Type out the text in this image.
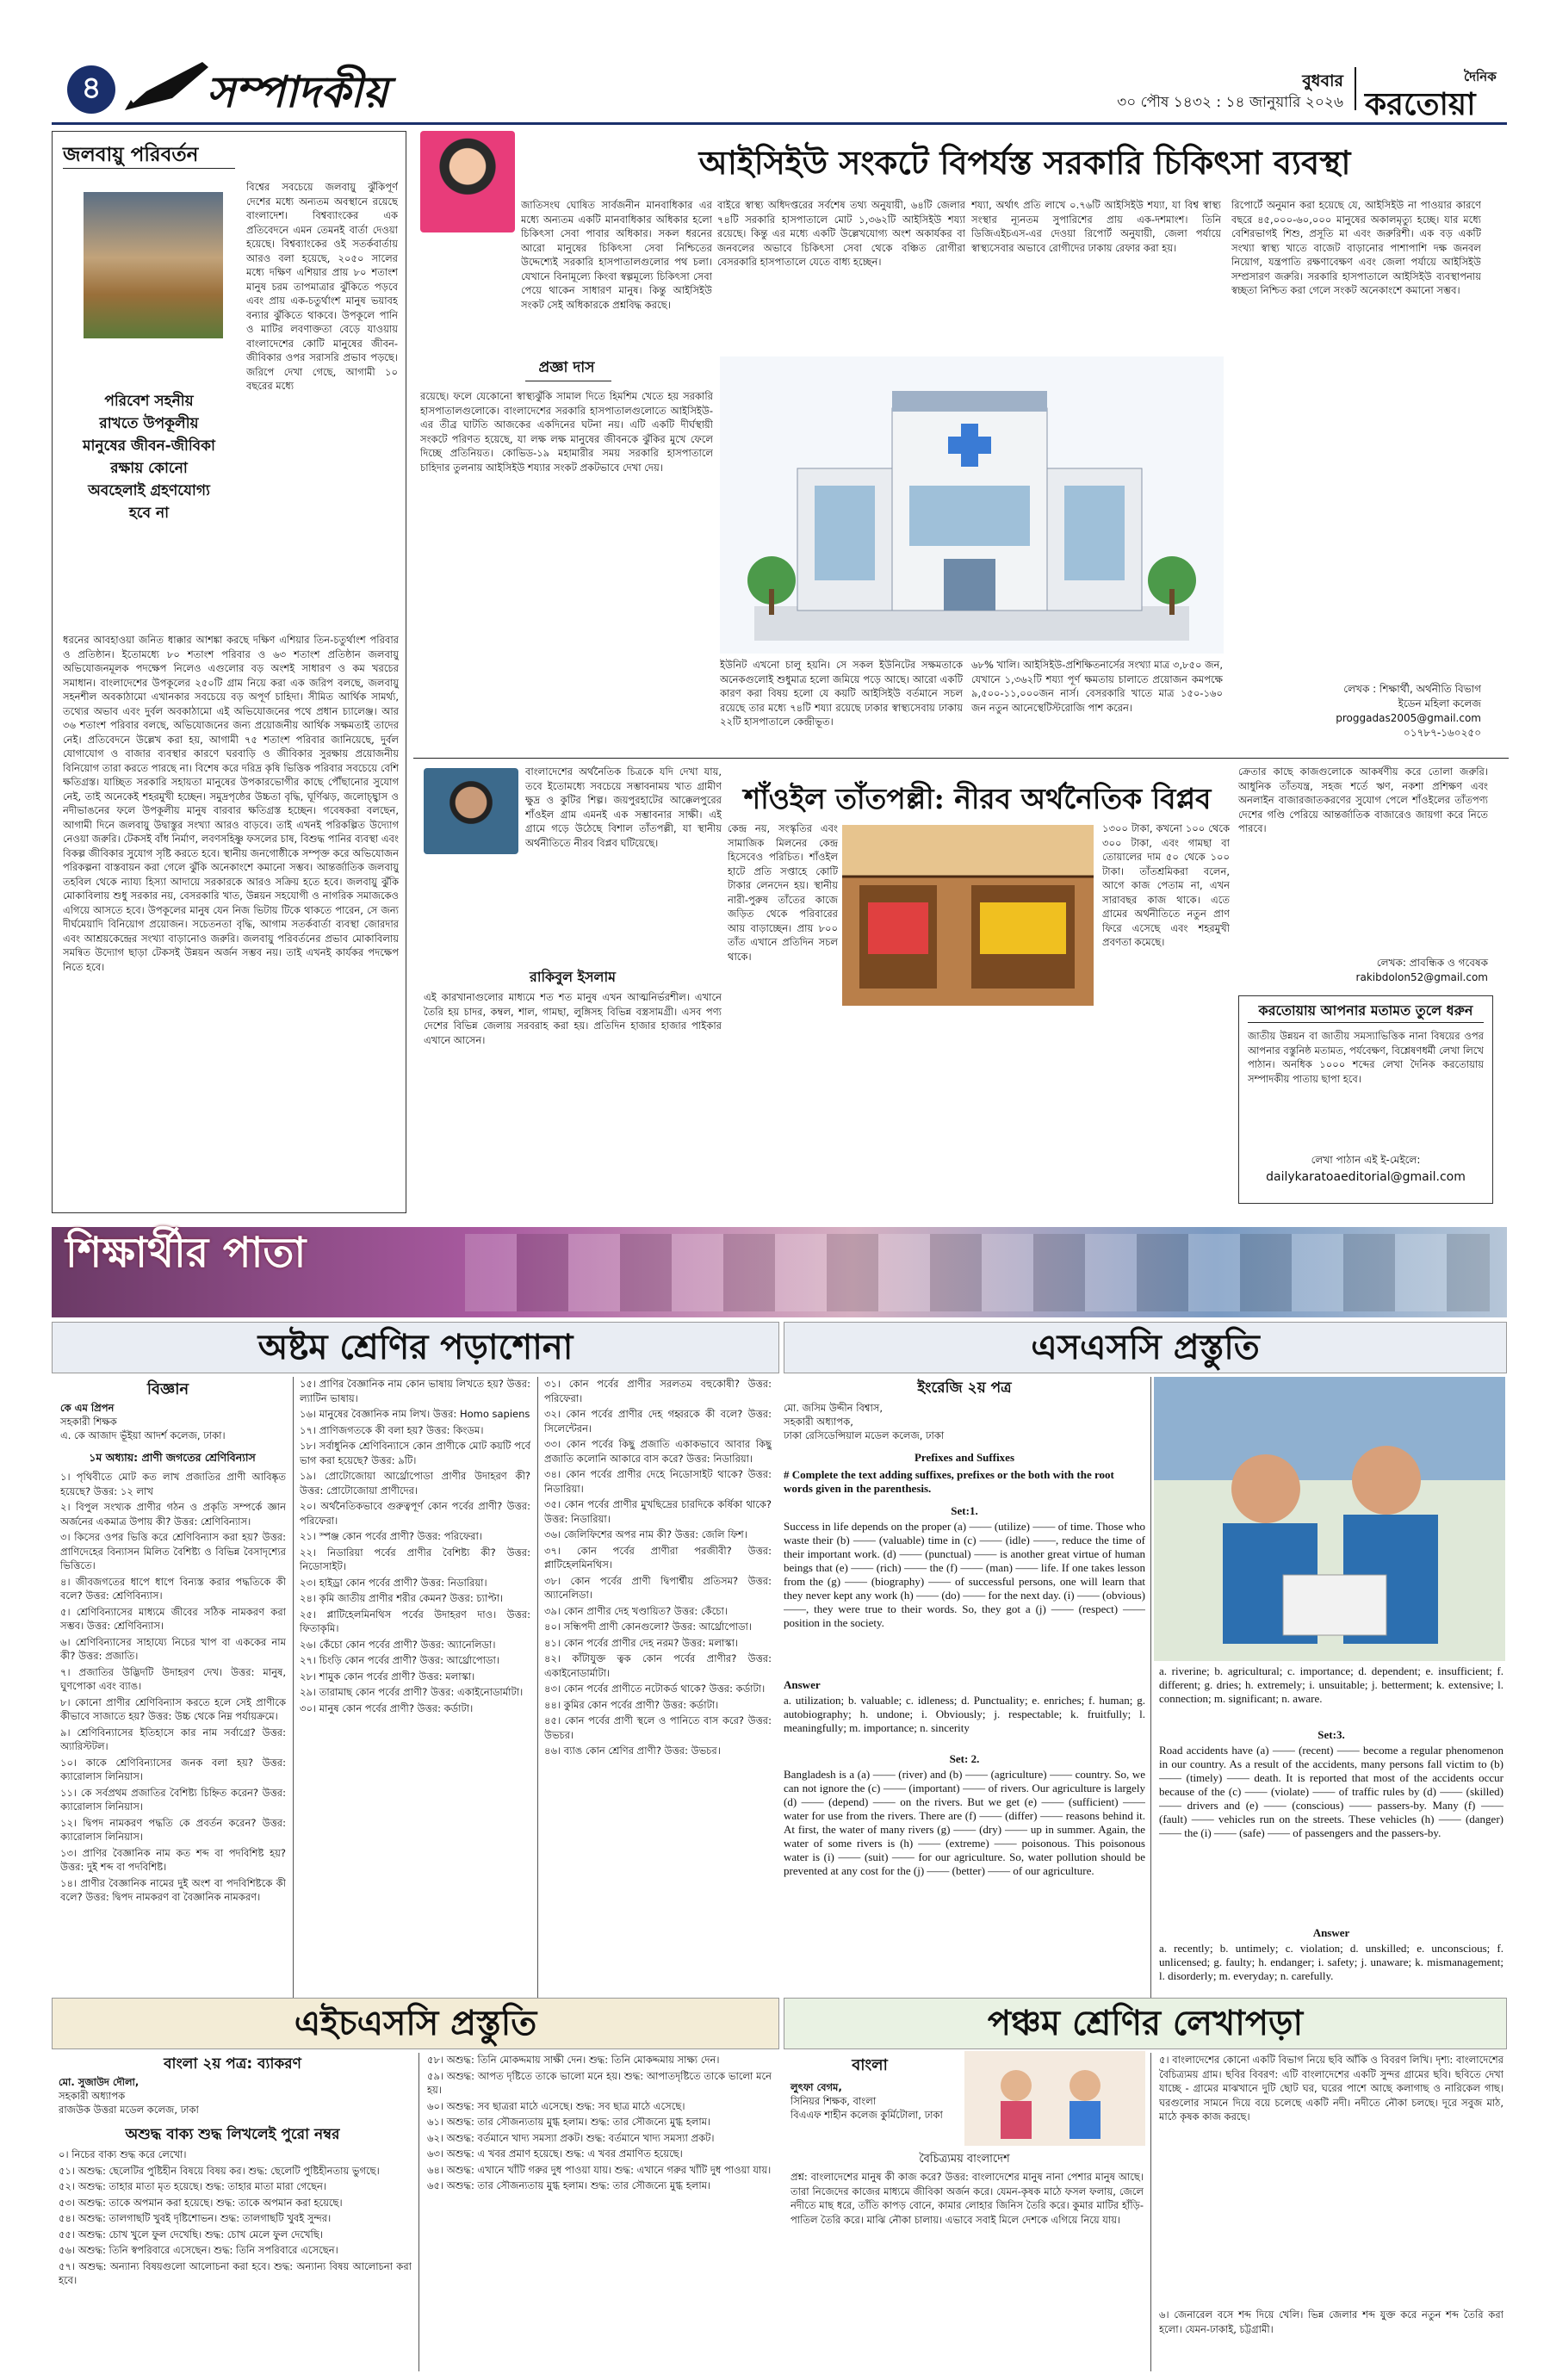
৪	সম্পাদকীয়	বুধবার
৩০ পৌষ ১৪৩২ : ১৪ জানুয়ারি ২০২৬
দৈনিক
করতোয়া
জলবায়ু পরিবর্তন
পরিবেশ সহনীয়
রাখতে উপকূলীয়
মানুষের জীবন-জীবিকা
রক্ষায় কোনো
অবহেলাই গ্রহণযোগ্য
হবে না
বিশ্বের সবচেয়ে জলবায়ু ঝুঁকিপূর্ণ দেশের মধ্যে অন্যতম অবস্থানে রয়েছে বাংলাদেশ। বিশ্বব্যাংকের এক প্রতিবেদনে এমন তেমনই বার্তা দেওয়া হয়েছে। বিশ্বব্যাংকের ওই সতর্কবার্তায় আরও বলা হয়েছে, ২০৫০ সালের মধ্যে দক্ষিণ এশিয়ার প্রায় ৮০ শতাংশ মানুষ চরম তাপমাত্রার ঝুঁকিতে পড়বে এবং প্রায় এক-চতুর্থাংশ মানুষ ভয়াবহ বন্যার ঝুঁকিতে থাকবে। উপকূলে পানি ও মাটির লবণাক্ততা বেড়ে যাওয়ায় বাংলাদেশের কোটি মানুষের জীবন-জীবিকার ওপর সরাসরি প্রভাব পড়ছে। জরিপে দেখা গেছে, আগামী ১০ বছরের মধ্যে
ধরনের আবহাওয়া জনিত ধাক্কার আশঙ্কা করছে দক্ষিণ এশিয়ার তিন-চতুর্থাংশ পরিবার ও প্রতিষ্ঠান। ইতোমধ্যে ৮০ শতাংশ পরিবার ও ৬৩ শতাংশ প্রতিষ্ঠান জলবায়ু অভিযোজনমূলক পদক্ষেপ নিলেও এগুলোর বড় অংশই সাধারণ ও কম খরচের সমাধান। বাংলাদেশের উপকূলের ২৫০টি গ্রাম নিয়ে করা এক জরিপ বলছে, জলবায়ু সহনশীল অবকাঠামো এখানকার সবচেয়ে বড় অপূর্ণ চাহিদা। সীমিত আর্থিক সামর্থ্য, তথ্যের অভাব এবং দুর্বল অবকাঠামো এই অভিযোজনের পথে প্রধান চ্যালেঞ্জ। আর ৩৬ শতাংশ পরিবার বলছে, অভিযোজনের জন্য প্রয়োজনীয় আর্থিক সক্ষমতাই তাদের নেই। প্রতিবেদনে উল্লেখ করা হয়, আগামী ৭৫ শতাংশ পরিবার জানিয়েছে, দুর্বল যোগাযোগ ও বাজার ব্যবস্থার কারণে ঘরবাড়ি ও জীবিকার সুরক্ষায় প্রয়োজনীয় বিনিয়োগ তারা করতে পারছে না। বিশেষ করে দরিদ্র কৃষি ভিত্তিক পরিবার সবচেয়ে বেশি ক্ষতিগ্রস্ত। যাচ্ছিত সরকারি সহায়তা মানুষের উপকারভোগীর কাছে পৌঁছানোর সুযোগ নেই, তাই অনেকেই শহরমুখী হচ্ছেন। সমুদ্রপৃষ্ঠের উচ্চতা বৃদ্ধি, ঘূর্ণিঝড়, জলোচ্ছ্বাস ও নদীভাঙনের ফলে উপকূলীয় মানুষ বারবার ক্ষতিগ্রস্ত হচ্ছেন। গবেষকরা বলছেন, আগামী দিনে জলবায়ু উদ্বাস্তুর সংখ্যা আরও বাড়বে। তাই এখনই পরিকল্পিত উদ্যোগ নেওয়া জরুরি। টেকসই বাঁধ নির্মাণ, লবণসহিষ্ণু ফসলের চাষ, বিশুদ্ধ পানির ব্যবস্থা এবং বিকল্প জীবিকার সুযোগ সৃষ্টি করতে হবে। স্থানীয় জনগোষ্ঠীকে সম্পৃক্ত করে অভিযোজন পরিকল্পনা বাস্তবায়ন করা গেলে ঝুঁকি অনেকাংশে কমানো সম্ভব। আন্তর্জাতিক জলবায়ু তহবিল থেকে ন্যায্য হিস্যা আদায়ে সরকারকে আরও সক্রিয় হতে হবে। জলবায়ু ঝুঁকি মোকাবিলায় শুধু সরকার নয়, বেসরকারি খাত, উন্নয়ন সহযোগী ও নাগরিক সমাজকেও এগিয়ে আসতে হবে। উপকূলের মানুষ যেন নিজ ভিটায় টিকে থাকতে পারেন, সে জন্য দীর্ঘমেয়াদি বিনিয়োগ প্রয়োজন। সচেতনতা বৃদ্ধি, আগাম সতর্কবার্তা ব্যবস্থা জোরদার এবং আশ্রয়কেন্দ্রের সংখ্যা বাড়ানোও জরুরি। জলবায়ু পরিবর্তনের প্রভাব মোকাবিলায় সমন্বিত উদ্যোগ ছাড়া টেকসই উন্নয়ন অর্জন সম্ভব নয়। তাই এখনই কার্যকর পদক্ষেপ নিতে হবে।
আইসিইউ সংকটে বিপর্যস্ত সরকারি চিকিৎসা ব্যবস্থা
জাতিসংঘ ঘোষিত সার্বজনীন মানবাধিকার এর মধ্যে অন্যতম একটি মানবাধিকার অধিকার হলো চিকিৎসা সেবা পাবার অধিকার। সকল ধরনের আরো মানুষের চিকিৎসা সেবা নিশ্চিতের উদ্দেশ্যেই সরকারি হাসপাতালগুলোর পথ চলা। যেখানে বিনামূল্যে কিংবা স্বল্পমূল্যে চিকিৎসা সেবা পেয়ে থাকেন সাধারণ মানুষ। কিন্তু আইসিইউ সংকট সেই অধিকারকে প্রশ্নবিদ্ধ করছে।
বাইরে স্বাস্থ্য অধিদপ্তরের সর্বশেষ তথ্য অনুযায়ী, ৬৪টি জেলার ৭৪টি সরকারি হাসপাতালে মোট ১,৩৬২টি আইসিইউ শয্যা রয়েছে। কিন্তু এর মধ্যে একটি উল্লেখযোগ্য অংশ অকার্যকর বা জনবলের অভাবে চিকিৎসা সেবা থেকে বঞ্চিত রোগীরা বেসরকারি হাসপাতালে যেতে বাধ্য হচ্ছেন।
শয্যা, অর্থাৎ প্রতি লাখে ০.৭৬টি আইসিইউ শয্যা, যা বিশ্ব স্বাস্থ্য সংস্থার ন্যূনতম সুপারিশের প্রায় এক-দশমাংশ। তিনি ডিজিএইচএস-এর দেওয়া রিপোর্ট অনুযায়ী, জেলা পর্যায়ে স্বাস্থ্যসেবার অভাবে রোগীদের ঢাকায় রেফার করা হয়।
রিপোর্টে অনুমান করা হয়েছে যে, আইসিইউ না পাওয়ার কারণে বছরে ৪৫,০০০-৬০,০০০ মানুষের অকালমৃত্যু হচ্ছে। যার মধ্যে বেশিরভাগই শিশু, প্রসূতি মা এবং জরুরিশী। এক বড় একটি সংখ্যা স্বাস্থ্য খাতে বাজেট বাড়ানোর পাশাপাশি দক্ষ জনবল নিয়োগ, যন্ত্রপাতি রক্ষণাবেক্ষণ এবং জেলা পর্যায়ে আইসিইউ সম্প্রসারণ জরুরি। সরকারি হাসপাতালে আইসিইউ ব্যবস্থাপনায় স্বচ্ছতা নিশ্চিত করা গেলে সংকট অনেকাংশে কমানো সম্ভব।
প্রজ্ঞা দাস
রয়েছে। ফলে যেকোনো স্বাস্থ্যঝুঁকি সামাল দিতে হিমশিম খেতে হয় সরকারি হাসপাতালগুলোকে। বাংলাদেশের সরকারি হাসপাতালগুলোতে আইসিইউ-এর তীব্র ঘাটতি আজকের একদিনের ঘটনা নয়। এটি একটি দীর্ঘস্থায়ী সংকটে পরিণত হয়েছে, যা লক্ষ লক্ষ মানুষের জীবনকে ঝুঁকির মুখে ফেলে দিচ্ছে প্রতিনিয়ত। কোভিড-১৯ মহামারীর সময় সরকারি হাসপাতালে চাহিদার তুলনায় আইসিইউ শয্যার সংকট প্রকটভাবে দেখা দেয়।
ইউনিট এখনো চালু হয়নি। সে সকল ইউনিটের সক্ষমতাকে অনেকগুলোই শুধুমাত্র হলো জমিয়ে পড়ে আছে। আরো একটি কারণ করা বিষয় হলো যে কয়টি আইসিইউ বর্তমানে সচল রয়েছে তার মধ্যে ৭৪টি শয্যা রয়েছে ঢাকার স্বাস্থ্যসেবায় ঢাকায় ২২টি হাসপাতালে কেন্দ্রীভূত।
৬৮% খালি। আইসিইউ-প্রশিক্ষিতনার্সের সংখ্যা মাত্র ৩,৮৫০ জন, যেখানে ১,৩৬২টি শয্যা পূর্ণ ক্ষমতায় চালাতে প্রয়োজন কমপক্ষে ৯,৫০০-১১,০০০জন নার্স। বেসরকারি খাতে মাত্র ১৫০-১৬০ জন নতুন আনেস্থেটিস্টরোজি পাশ করেন।
লেখক : শিক্ষার্থী, অর্থনীতি বিভাগ
ইডেন মহিলা কলেজ
proggadas2005@gmail.com
০১৭৮৭-১৬০২৫০
বাংলাদেশের অর্থনৈতিক চিত্রকে যদি দেখা যায়, তবে ইতোমধ্যে সবচেয়ে সম্ভাবনাময় খাত গ্রামীণ ক্ষুদ্র ও কুটির শিল্প। জয়পুরহাটের আক্কেলপুরের শাঁওইল গ্রাম এমনই এক সম্ভাবনার সাক্ষী। এই গ্রামে গড়ে উঠেছে বিশাল তাঁতপল্লী, যা স্থানীয় অর্থনীতিতে নীরব বিপ্লব ঘটিয়েছে।
শাঁওইল তাঁতপল্লী: নীরব অর্থনৈতিক বিপ্লব
রাকিবুল ইসলাম
এই কারখানাগুলোর মাধ্যমে শত শত মানুষ এখন আত্মনির্ভরশীল। এখানে তৈরি হয় চাদর, কম্বল, শাল, গামছা, লুঙ্গিসহ বিভিন্ন বস্ত্রসামগ্রী। এসব পণ্য দেশের বিভিন্ন জেলায় সরবরাহ করা হয়। প্রতিদিন হাজার হাজার পাইকার এখানে আসেন।
কেন্দ্র নয়, সংস্কৃতির এবং সামাজিক মিলনের কেন্দ্র হিসেবেও পরিচিত। শাঁওইল হাটে প্রতি সপ্তাহে কোটি টাকার লেনদেন হয়। স্থানীয় নারী-পুরুষ তাঁতের কাজে জড়িত থেকে পরিবারের আয় বাড়াচ্ছেন। প্রায় ৮০০ তাঁত এখানে প্রতিদিন সচল থাকে।
১৩০০ টাকা, কখনো ১০০ থেকে ৩০০ টাকা, এবং গামছা বা তোয়ালের দাম ৫০ থেকে ১০০ টাকা। তাঁতশ্রমিকরা বলেন, আগে কাজ পেতাম না, এখন সারাবছর কাজ থাকে। এতে গ্রামের অর্থনীতিতে নতুন প্রাণ ফিরে এসেছে এবং শহরমুখী প্রবণতা কমেছে।
ক্রেতার কাছে কাজগুলোকে আকর্ষণীয় করে তোলা জরুরি। আধুনিক তাঁতযন্ত্র, সহজ শর্তে ঋণ, নকশা প্রশিক্ষণ এবং অনলাইন বাজারজাতকরণের সুযোগ পেলে শাঁওইলের তাঁতপণ্য দেশের গণ্ডি পেরিয়ে আন্তর্জাতিক বাজারেও জায়গা করে নিতে পারবে।
লেখক: প্রাবন্ধিক ও গবেষক
rakibdolon52@gmail.com
করতোয়ায় আপনার মতামত তুলে ধরুন
জাতীয় উন্নয়ন বা জাতীয় সমস্যাভিত্তিক নানা বিষয়ের ওপর আপনার বস্তুনিষ্ঠ মতামত, পর্যবেক্ষণ, বিশ্লেষণধর্মী লেখা লিখে পাঠান। অনধিক ১০০০ শব্দের লেখা দৈনিক করতোয়ায় সম্পাদকীয় পাতায় ছাপা হবে।
লেখা পাঠান এই ই-মেইলে:
dailykaratoaeditorial@gmail.com
শিক্ষার্থীর পাতা
অষ্টম শ্রেণির পড়াশোনা
বিজ্ঞান
কে এম প্রিপন
সহকারী শিক্ষক
এ. কে আজাদ ভূঁইয়া আদর্শ কলেজ, ঢাকা।
১ম অধ্যায়: প্রাণী জগতের শ্রেণিবিন্যাস
১। পৃথিবীতে মোট কত লাখ প্রজাতির প্রাণী আবিষ্কৃত হয়েছে? উত্তর: ১২ লাখ
২। বিপুল সংখ্যক প্রাণীর গঠন ও প্রকৃতি সম্পর্কে জ্ঞান অর্জনের একমাত্র উপায় কী? উত্তর: শ্রেণিবিন্যাস।
৩। কিসের ওপর ভিত্তি করে শ্রেণিবিন্যাস করা হয়? উত্তর: প্রাণিদেহের বিন্যাসন মিলিত বৈশিষ্ট্য ও বিভিন্ন বৈসাদৃশ্যের ভিত্তিতে।
৪। জীবজগতের ধাপে ধাপে বিন্যস্ত করার পদ্ধতিকে কী বলে? উত্তর: শ্রেণিবিন্যাস।
৫। শ্রেণিবিন্যাসের মাধ্যমে জীবের সঠিক নামকরণ করা সম্ভব। উত্তর: শ্রেণিবিন্যাস।
৬। শ্রেণিবিন্যাসের সাহায্যে নিচের খাপ বা এককের নাম কী? উত্তর: প্রজাতি।
৭। প্রজাতির উদ্ভিদটি উদাহরণ দেখ। উত্তর: মানুষ, ঘুণপোকা এবং ব্যাঙ।
৮। কোনো প্রাণীর শ্রেণিবিন্যাস করতে হলে সেই প্রাণীকে কীভাবে সাজাতে হয়? উত্তর: উচ্চ থেকে নিম্ন পর্যায়ক্রমে।
৯। শ্রেণিবিন্যাসের ইতিহাসে কার নাম সর্বাগ্রে? উত্তর: অ্যারিস্টটল।
১০। কাকে শ্রেণিবিন্যাসের জনক বলা হয়? উত্তর: ক্যারোলাস লিনিয়াস।
১১। কে সর্বপ্রথম প্রজাতির বৈশিষ্ট্য চিহ্নিত করেন? উত্তর: ক্যারোলাস লিনিয়াস।
১২। দ্বিপদ নামকরণ পদ্ধতি কে প্রবর্তন করেন? উত্তর: ক্যারোলাস লিনিয়াস।
১৩। প্রাণির বৈজ্ঞানিক নাম কত শব্দ বা পদবিশিষ্ট হয়? উত্তর: দুই শব্দ বা পদবিশিষ্ট।
১৪। প্রাণীর বৈজ্ঞানিক নামের দুই অংশ বা পদবিশিষ্টকে কী বলে? উত্তর: দ্বিপদ নামকরণ বা বৈজ্ঞানিক নামকরণ।
১৫। প্রাণির বৈজ্ঞানিক নাম কোন ভাষায় লিখতে হয়? উত্তর: ল্যাটিন ভাষায়।
১৬। মানুষের বৈজ্ঞানিক নাম লিখ। উত্তর: Homo sapiens
১৭। প্রাণিজগতকে কী বলা হয়? উত্তর: কিংডম।
১৮। সর্বাধুনিক শ্রেণিবিন্যাসে কোন প্রাণীকে মোট কয়টি পর্বে ভাগ করা হয়েছে? উত্তর: ৯টি।
১৯। প্রোটোজোয়া আর্থ্রোপোডা প্রাণীর উদাহরণ কী? উত্তর: প্রোটোজোয়া প্রাণীদের।
২০। অর্থনৈতিকভাবে গুরুত্বপূর্ণ কোন পর্বের প্রাণী? উত্তর: পরিফেরা।
২১। স্পঞ্জ কোন পর্বের প্রাণী? উত্তর: পরিফেরা।
২২। নিডারিয়া পর্বের প্রাণীর বৈশিষ্ট্য কী? উত্তর: নিডোসাইট।
২৩। হাইড্রা কোন পর্বের প্রাণী? উত্তর: নিডারিয়া।
২৪। কৃমি জাতীয় প্রাণীর শরীর কেমন? উত্তর: চ্যাপ্টা।
২৫। প্লাটিহেলমিনথিস পর্বের উদাহরণ দাও। উত্তর: ফিতাকৃমি।
২৬। কেঁচো কোন পর্বের প্রাণী? উত্তর: অ্যানেলিডা।
২৭। চিংড়ি কোন পর্বের প্রাণী? উত্তর: আর্থ্রোপোডা।
২৮। শামুক কোন পর্বের প্রাণী? উত্তর: মলাস্কা।
২৯। তারামাছ কোন পর্বের প্রাণী? উত্তর: একাইনোডার্মাটা।
৩০। মানুষ কোন পর্বের প্রাণী? উত্তর: কর্ডাটা।
৩১। কোন পর্বের প্রাণীর সরলতম বহুকোষী? উত্তর: পরিফেরা।
৩২। কোন পর্বের প্রাণীর দেহ গহ্বরকে কী বলে? উত্তর: সিলেন্টেরন।
৩৩। কোন পর্বের কিছু প্রজাতি একাকভাবে আবার কিছু প্রজাতি কলোনি আকারে বাস করে? উত্তর: নিডারিয়া।
৩৪। কোন পর্বের প্রাণীর দেহে নিডোসাইট থাকে? উত্তর: নিডারিয়া।
৩৫। কোন পর্বের প্রাণীর মুখছিদ্রের চারদিকে কর্ষিকা থাকে? উত্তর: নিডারিয়া।
৩৬। জেলিফিশের অপর নাম কী? উত্তর: জেলি ফিশ।
৩৭। কোন পর্বের প্রাণীরা পরজীবী? উত্তর: প্লাটিহেলমিনথিস।
৩৮। কোন পর্বের প্রাণী দ্বিপার্শ্বীয় প্রতিসম? উত্তর: অ্যানেলিডা।
৩৯। কোন প্রাণীর দেহ খণ্ডায়িত? উত্তর: কেঁচো।
৪০। সন্ধিপদী প্রাণী কোনগুলো? উত্তর: আর্থ্রোপোডা।
৪১। কোন পর্বের প্রাণীর দেহ নরম? উত্তর: মলাস্কা।
৪২। কাঁটাযুক্ত ত্বক কোন পর্বের প্রাণীর? উত্তর: একাইনোডার্মাটা।
৪৩। কোন পর্বের প্রাণীতে নটোকর্ড থাকে? উত্তর: কর্ডাটা।
৪৪। কুমির কোন পর্বের প্রাণী? উত্তর: কর্ডাটা।
৪৫। কোন পর্বের প্রাণী স্থলে ও পানিতে বাস করে? উত্তর: উভচর।
৪৬। ব্যাঙ কোন শ্রেণির প্রাণী? উত্তর: উভচর।
এসএসসি প্রস্তুতি
ইংরেজি ২য় পত্র
মো. জসিম উদ্দীন বিশ্বাস,
সহকারী অধ্যাপক,
ঢাকা রেসিডেন্সিয়াল মডেল কলেজ, ঢাকা
Prefixes and Suffixes
# Complete the text adding suffixes, prefixes or the both with the root words given in the parenthesis.
Set:1.
Success in life depends on the proper (a) —— (utilize) —— of time. Those who waste their (b) —— (valuable) time in (c) —— (idle) ——, reduce the time of their important work. (d) —— (punctual) —— is another great virtue of human beings that (e) —— (rich) —— the (f) —— (man) —— life. If one takes lesson from the (g) —— (biography) —— of successful persons, one will learn that they never kept any work (h) —— (do) —— for the next day. (i) —— (obvious) ——, they were true to their words. So, they got a (j) —— (respect) —— position in the society.
Answer
a. utilization; b. valuable; c. idleness; d. Punctuality; e. enriches; f. human; g. autobiography; h. undone; i. Obviously; j. respectable; k. fruitfully; l. meaningfully; m. importance; n. sincerity
Set: 2.
Bangladesh is a (a) —— (river) and (b) —— (agriculture) —— country. So, we can not ignore the (c) —— (important) —— of rivers. Our agriculture is largely (d) —— (depend) —— on the rivers. But we get (e) —— (sufficient) —— water for use from the rivers. There are (f) —— (differ) —— reasons behind it. At first, the water of many rivers (g) —— (dry) —— up in summer. Again, the water of some rivers is (h) —— (extreme) —— poisonous. This poisonous water is (i) —— (suit) —— for our agriculture. So, water pollution should be prevented at any cost for the (j) —— (better) —— of our agriculture.
a. riverine; b. agricultural; c. importance; d. dependent; e. insufficient; f. different; g. dries; h. extremely; i. unsuitable; j. betterment; k. extensive; l. connection; m. significant; n. aware.
Set:3.
Road accidents have (a) —— (recent) —— become a regular phenomenon in our country. As a result of the accidents, many persons fall victim to (b) —— (timely) —— death. It is reported that most of the accidents occur because of the (c) —— (violate) —— of traffic rules by (d) —— (skilled) —— drivers and (e) —— (conscious) —— passers-by. Many (f) —— (fault) —— vehicles run on the streets. These vehicles (h) —— (danger) —— the (i) —— (safe) —— of passengers and the passers-by.
Answer
a. recently; b. untimely; c. violation; d. unskilled; e. unconscious; f. unlicensed; g. faulty; h. endanger; i. safety; j. unaware; k. mismanagement; l. disorderly; m. everyday; n. carefully.
এইচএসসি প্রস্তুতি
বাংলা ২য় পত্র: ব্যাকরণ
মো. সুজাউদ দৌলা,
সহকারী অধ্যাপক
রাজউক উত্তরা মডেল কলেজ, ঢাকা
অশুদ্ধ বাক্য শুদ্ধ লিখলেই পুরো নম্বর
০। নিচের বাক্য শুদ্ধ করে লেখো।
৫১। অশুদ্ধ: ছেলেটির পুষ্টিহীন বিষয়ে বিষয় কর। শুদ্ধ: ছেলেটি পুষ্টিহীনতায় ভুগছে।
৫২। অশুদ্ধ: তাহার মাতা মৃত হয়েছে। শুদ্ধ: তাহার মাতা মারা গেছেন।
৫৩। অশুদ্ধ: তাকে অপমান করা হয়েছে। শুদ্ধ: তাকে অপমান করা হয়েছে।
৫৪। অশুদ্ধ: তালগাছটি খুবই দৃষ্টিশোভন। শুদ্ধ: তালগাছটি খুবই সুন্দর।
৫৫। অশুদ্ধ: চোখ খুলে ফুল দেখেছি। শুদ্ধ: চোখ মেলে ফুল দেখেছি।
৫৬। অশুদ্ধ: তিনি স্বপরিবারে এসেছেন। শুদ্ধ: তিনি সপরিবারে এসেছেন।
৫৭। অশুদ্ধ: অন্যান্য বিষয়গুলো আলোচনা করা হবে। শুদ্ধ: অন্যান্য বিষয় আলোচনা করা হবে।
৫৮। অশুদ্ধ: তিনি মোকদ্দমায় সাক্ষী দেন। শুদ্ধ: তিনি মোকদ্দমায় সাক্ষ্য দেন।
৫৯। অশুদ্ধ: আপত দৃষ্টিতে তাকে ভালো মনে হয়। শুদ্ধ: আপাতদৃষ্টিতে তাকে ভালো মনে হয়।
৬০। অশুদ্ধ: সব ছাত্ররা মাঠে এসেছে। শুদ্ধ: সব ছাত্র মাঠে এসেছে।
৬১। অশুদ্ধ: তার সৌজন্যতায় মুগ্ধ হলাম। শুদ্ধ: তার সৌজন্যে মুগ্ধ হলাম।
৬২। অশুদ্ধ: বর্তমানে খাদ্য সমস্যা প্রকট। শুদ্ধ: বর্তমানে খাদ্য সমস্যা প্রকট।
৬৩। অশুদ্ধ: এ খবর প্রমাণ হয়েছে। শুদ্ধ: এ খবর প্রমাণিত হয়েছে।
৬৪। অশুদ্ধ: এখানে খাঁটি গরুর দুধ পাওয়া যায়। শুদ্ধ: এখানে গরুর খাঁটি দুধ পাওয়া যায়।
৬৫। অশুদ্ধ: তার সৌজন্যতায় মুগ্ধ হলাম। শুদ্ধ: তার সৌজন্যে মুগ্ধ হলাম।
পঞ্চম শ্রেণির লেখাপড়া
বাংলা
লুৎফা বেগম,
সিনিয়র শিক্ষক, বাংলা
বিএএফ শাহীন কলেজ কুর্মিটোলা, ঢাকা
বৈচিত্র্যময় বাংলাদেশ
প্রশ্ন: বাংলাদেশের মানুষ কী কাজ করে? উত্তর: বাংলাদেশের মানুষ নানা পেশার মানুষ আছে। তারা নিজেদের কাজের মাধ্যমে জীবিকা অর্জন করে। যেমন-কৃষক মাঠে ফসল ফলায়, জেলে নদীতে মাছ ধরে, তাঁতি কাপড় বোনে, কামার লোহার জিনিস তৈরি করে। কুমার মাটির হাঁড়ি-পাতিল তৈরি করে। মাঝি নৌকা চালায়। এভাবে সবাই মিলে দেশকে এগিয়ে নিয়ে যায়।
৫। বাংলাদেশের কোনো একটি বিভাগ নিয়ে ছবি আঁকি ও বিবরণ লিখি। দৃশ্য: বাংলাদেশের বৈচিত্র্যময় গ্রাম। ছবির বিবরণ: এটি বাংলাদেশের একটি সুন্দর গ্রামের ছবি। ছবিতে দেখা যাচ্ছে - গ্রামের মাঝখানে দুটি ছোট ঘর, ঘরের পাশে আছে কলাগাছ ও নারিকেল গাছ। ঘরগুলোর সামনে দিয়ে বয়ে চলেছে একটি নদী। নদীতে নৌকা চলছে। দূরে সবুজ মাঠ, মাঠে কৃষক কাজ করছে।
৬। জেনারেল বসে শব্দ দিয়ে খেলি। ভিন্ন জেলার শব্দ যুক্ত করে নতুন শব্দ তৈরি করা হলো। যেমন-ঢাকাই, চট্টগ্রামী।
